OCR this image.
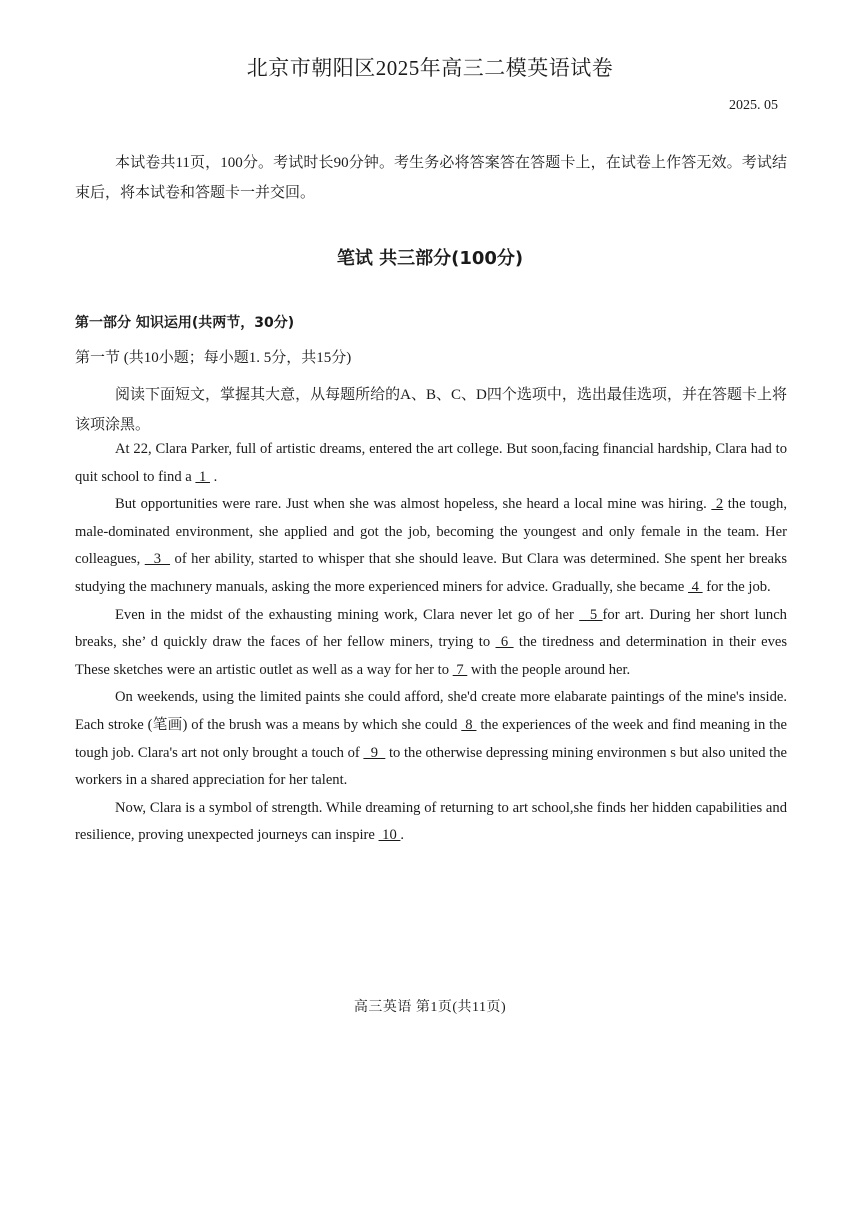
北京市朝阳区2025年高三二模英语试卷
2025. 05
本试卷共11页，100分。考试时长90分钟。考生务必将答案答在答题卡上，在试卷上作答无效。考试结束后，将本试卷和答题卡一并交回。
笔试 共三部分(100分)
第一部分 知识运用(共两节，30分)
第一节 (共10小题；每小题1. 5分，共15分)
阅读下面短文，掌握其大意，从每题所给的A、B、C、D四个选项中，选出最佳选项，并在答题卡上将该项涂黑。

At 22, Clara Parker, full of artistic dreams, entered the art college. But soon,facing financial hardship, Clara had to quit school to find a  1  .

But opportunities were rare. Just when she was almost hopeless, she heard a local mine was hiring.  2 the tough, male-dominated environment, she applied and got the job, becoming the youngest and only female in the team. Her colleagues,   3   of her ability, started to whisper that she should leave. But Clara was determined. She spent her breaks studying the machınery manuals, asking the more experienced miners for advice. Gradually, she became  4  for the job.

Even in the midst of the exhausting mining work, Clara never let go of her   5 for art. During her short lunch breaks, she’ d quickly draw the faces of her fellow miners, trying to  6  the tiredness and determination in their eves These sketches were an artistic outlet as well as a way for her to  7  with the people around her.

On weekends, using the limited paints she could afford, she'd create more elabarate paintings of the mine's inside. Each stroke (笔画) of the brush was a means by which she could  8  the experiences of the week and find meaning in the tough job. Clara's art not only brought a touch of   9   to the otherwise depressing mining environmen s but also united the workers in a shared appreciation for her talent.

Now, Clara is a symbol of strength. While dreaming of returning to art school,she finds her hidden capabilities and resilience, proving unexpected journeys can inspire  10 .

高三英语 第1页(共11页)
